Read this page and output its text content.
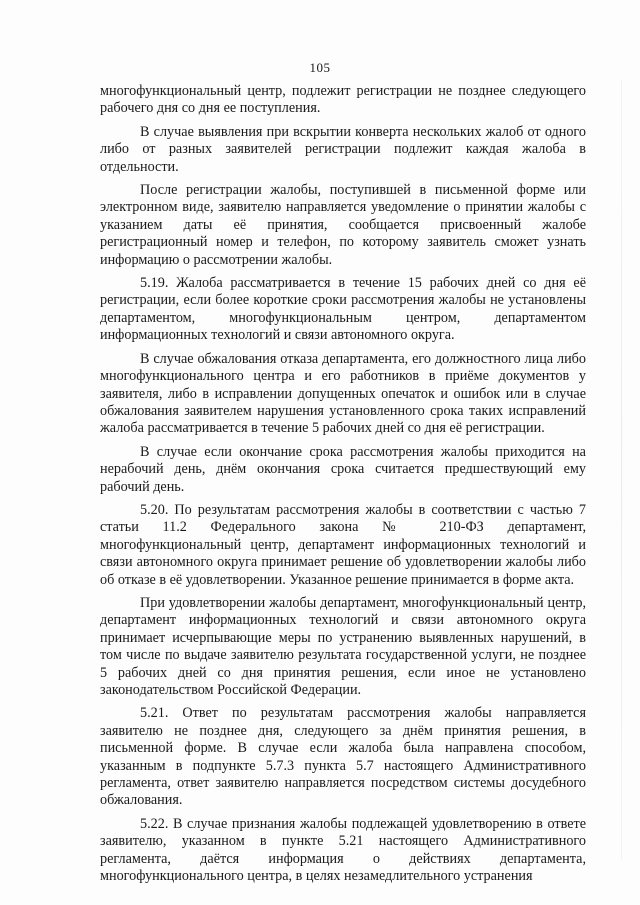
105

многофункциональный центр, подлежит регистрации не позднее следующего рабочего дня со дня ее поступления.

В случае выявления при вскрытии конверта нескольких жалоб от одного либо от разных заявителей регистрации подлежит каждая жалоба в отдельности.

После регистрации жалобы, поступившей в письменной форме или электронном виде, заявителю направляется уведомление о принятии жалобы с указанием даты её принятия, сообщается присвоенный жалобе регистрационный номер и телефон, по которому заявитель сможет узнать информацию о рассмотрении жалобы.

5.19. Жалоба рассматривается в течение 15 рабочих дней со дня её регистрации, если более короткие сроки рассмотрения жалобы не установлены департаментом, многофункциональным центром, департаментом информационных технологий и связи автономного округа.

В случае обжалования отказа департамента, его должностного лица либо многофункционального центра и его работников в приёме документов у заявителя, либо в исправлении допущенных опечаток и ошибок или в случае обжалования заявителем нарушения установленного срока таких исправлений жалоба рассматривается в течение 5 рабочих дней со дня её регистрации.

В случае если окончание срока рассмотрения жалобы приходится на нерабочий день, днём окончания срока считается предшествующий ему рабочий день.

5.20. По результатам рассмотрения жалобы в соответствии с частью 7 статьи 11.2 Федерального закона № 210-ФЗ департамент, многофункциональный центр, департамент информационных технологий и связи автономного округа принимает решение об удовлетворении жалобы либо об отказе в её удовлетворении. Указанное решение принимается в форме акта.

При удовлетворении жалобы департамент, многофункциональный центр, департамент информационных технологий и связи автономного округа принимает исчерпывающие меры по устранению выявленных нарушений, в том числе по выдаче заявителю результата государственной услуги, не позднее 5 рабочих дней со дня принятия решения, если иное не установлено законодательством Российской Федерации.

5.21. Ответ по результатам рассмотрения жалобы направляется заявителю не позднее дня, следующего за днём принятия решения, в письменной форме. В случае если жалоба была направлена способом, указанным в подпункте 5.7.3 пункта 5.7 настоящего Административного регламента, ответ заявителю направляется посредством системы досудебного обжалования.

5.22. В случае признания жалобы подлежащей удовлетворению в ответе заявителю, указанном в пункте 5.21 настоящего Административного регламента, даётся информация о действиях департамента, многофункционального центра, в целях незамедлительного устранения
